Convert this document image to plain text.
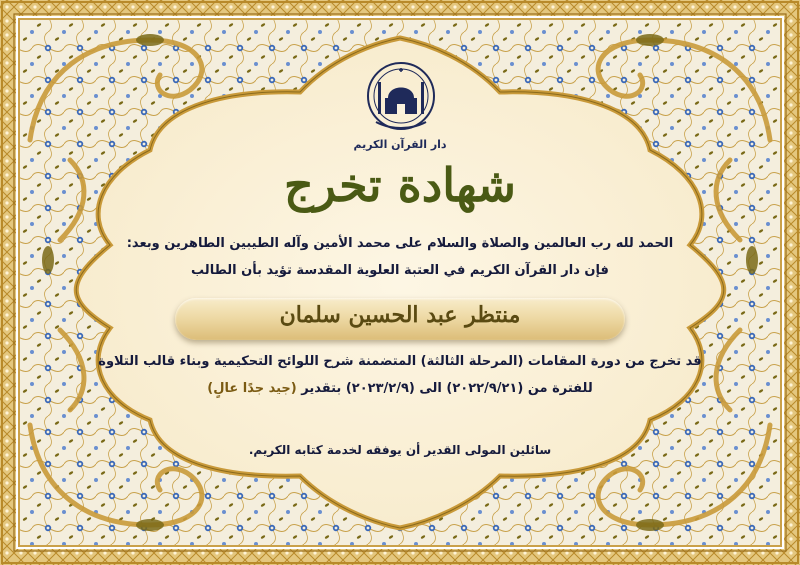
دار القرآن الكريم
شهادة تخرج
الحمد لله رب العالمين والصلاة والسلام على محمد الأمين وآله الطيبين الطاهرين وبعد:
فإن دار القرآن الكريم في العتبة العلوية المقدسة تؤيد بأن الطالب
منتظر عبد الحسين سلمان
قد تخرج من دورة المقامات (المرحلة الثالثة) المتضمنة شرح اللوائح التحكيمية وبناء قالب التلاوة
للفترة من (٢٠٢٢/٩/٢١) الى (٢٠٢٣/٢/٩) بتقدير (جيد جدًا عالٍ)
سائلين المولى القدير أن يوفقه لخدمة كتابه الكريم.
